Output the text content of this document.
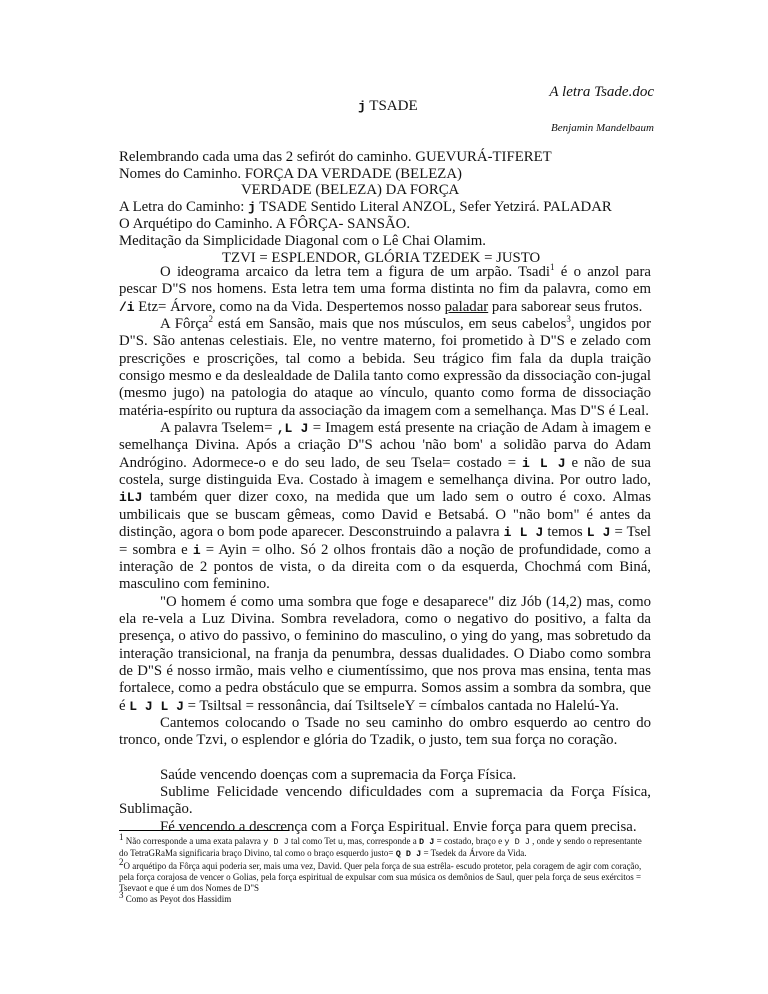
A letra Tsade.doc
j TSADE
Benjamin Mandelbaum
Relembrando cada uma das 2 sefirót do caminho. GUEVURÁ-TIFERET
Nomes do Caminho. FORÇA DA VERDADE (BELEZA)
VERDADE (BELEZA) DA FORÇA
A Letra do Caminho: j TSADE Sentido Literal ANZOL, Sefer Yetzirá. PALADAR
O Arquétipo do Caminho. A FÔRÇA- SANSÃO.
Meditação da Simplicidade Diagonal com o Lê Chai Olamim.
TZVI = ESPLENDOR, GLÓRIA TZEDEK = JUSTO

O ideograma arcaico da letra tem a figura de um arpão. Tsadi$^1$ é o anzol para pescar D"S nos homens. Esta letra tem uma forma distinta no fim da palavra, como em /i Etz= Árvore, como na da Vida. Despertemos nosso paladar para saborear seus frutos.

A Fôrça$^2$ está em Sansão, mais que nos músculos, em seus cabelos$^3$, ungidos por D"S. São antenas celestiais. Ele, no ventre materno, foi prometido à D"S e zelado com prescrições e proscrições, tal como a bebida. Seu trágico fim fala da dupla traição consigo mesmo e da deslealdade de Dalila tanto como expressão da dissociação con-jugal (mesmo jugo) na patologia do ataque ao vínculo, quanto como forma de dissociação matéria-espírito ou ruptura da associação da imagem com a semelhança. Mas D"S é Leal.

A palavra Tselem= ,L J = Imagem está presente na criação de Adam à imagem e semelhança Divina. Após a criação D"S achou 'não bom' a solidão parva do Adam Andrógino. Adormece-o e do seu lado, de seu Tsela= costado = i L J e não de sua costela, surge distinguida Eva. Costado à imagem e semelhança divina. Por outro lado, iLJ também quer dizer coxo, na medida que um lado sem o outro é coxo. Almas umbilicais que se buscam gêmeas, como David e Betsabá. O "não bom" é antes da distinção, agora o bom pode aparecer. Desconstruindo a palavra i L J temos L J = Tsel = sombra e i = Ayin = olho. Só 2 olhos frontais dão a noção de profundidade, como a interação de 2 pontos de vista, o da direita com o da esquerda, Chochmá com Biná, masculino com feminino.

"O homem é como uma sombra que foge e desaparece" diz Jób (14,2) mas, como ela re-vela a Luz Divina. Sombra reveladora, como o negativo do positivo, a falta da presença, o ativo do passivo, o feminino do masculino, o ying do yang, mas sobretudo da interação transicional, na franja da penumbra, dessas dualidades. O Diabo como sombra de D"S é nosso irmão, mais velho e ciumentíssimo, que nos prova mas ensina, tenta mas fortalece, como a pedra obstáculo que se empurra. Somos assim a sombra da sombra, que é L J L J = Tsiltsal = ressonância, daí TsiltseleY = címbalos cantada no Halelú-Ya.

Cantemos colocando o Tsade no seu caminho do ombro esquerdo ao centro do tronco, onde Tzvi, o esplendor e glória do Tzadik, o justo, tem sua força no coração.

Saúde vencendo doenças com a supremacia da Força Física.

Sublime Felicidade vencendo dificuldades com a supremacia da Força Física, Sublimação.

Fé vencendo a descrença com a Força Espiritual. Envie força para quem precisa.

$^1$ Não corresponde a uma exata palavra y D J tal como Tet u, mas, corresponde a D J = costado, braço e y D J , onde y sendo o representante do TetraGRaMa significaria braço Divino, tal como o braço esquerdo justo= Q D J = Tsedek da Árvore da Vida.

$^2$O arquétipo da Fôrça aqui poderia ser, mais uma vez, David. Quer pela força de sua estrêla- escudo protetor, pela coragem de agir com coração, pela força corajosa de vencer o Golias, pela força espiritual de expulsar com sua música os demônios de Saul, quer pela força de seus exércitos = Tsevaot e que é um dos Nomes de D"S

$^3$ Como as Peyot dos Hassidim
